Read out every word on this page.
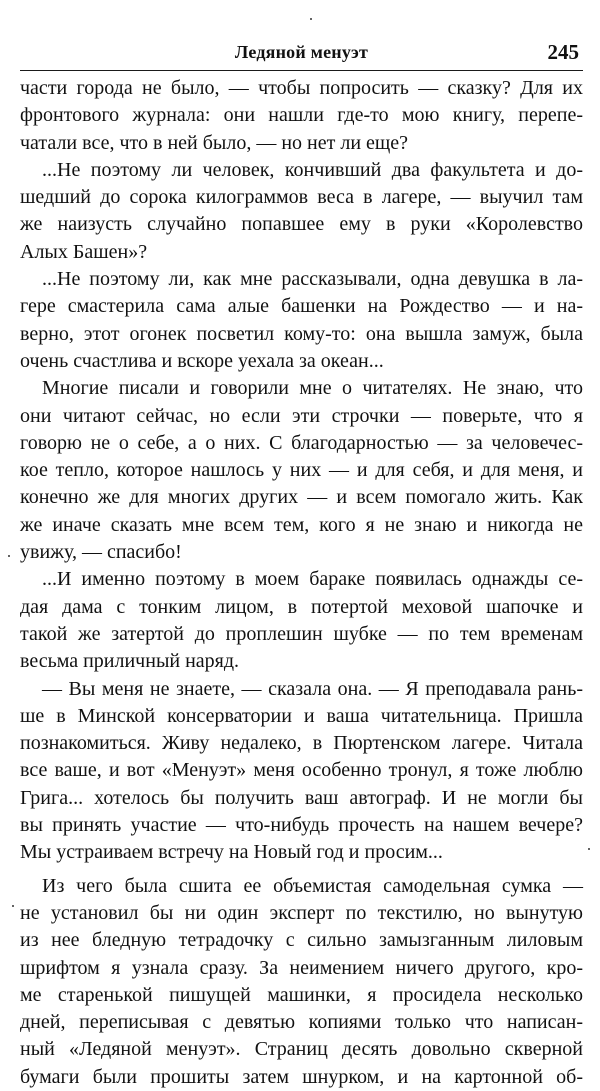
Ледяной менуэт	245

части города не было, — чтобы попросить — сказку? Для их
фронтового журнала: они нашли где-то мою книгу, перепе-
чатали все, что в ней было, — но нет ли еще?

...Не поэтому ли человек, кончивший два факультета и до-
шедший до сорока килограммов веса в лагере, — выучил там
же наизусть случайно попавшее ему в руки «Королевство
Алых Башен»?

...Не поэтому ли, как мне рассказывали, одна девушка в ла-
гере смастерила сама алые башенки на Рождество — и на-
верно, этот огонек посветил кому-то: она вышла замуж, была
очень счастлива и вскоре уехала за океан...

Многие писали и говорили мне о читателях. Не знаю, что
они читают сейчас, но если эти строчки — поверьте, что я
говорю не о себе, а о них. С благодарностью — за человечес-
кое тепло, которое нашлось у них — и для себя, и для меня, и
конечно же для многих других — и всем помогало жить. Как
же иначе сказать мне всем тем, кого я не знаю и никогда не
увижу, — спасибо!

...И именно поэтому в моем бараке появилась однажды се-
дая дама с тонким лицом, в потертой меховой шапочке и
такой же затертой до проплешин шубке — по тем временам
весьма приличный наряд.

— Вы меня не знаете, — сказала она. — Я преподавала рань-
ше в Минской консерватории и ваша читательница. Пришла
познакомиться. Живу недалеко, в Пюртенском лагере. Читала
все ваше, и вот «Менуэт» меня особенно тронул, я тоже люблю
Грига... хотелось бы получить ваш автограф. И не могли бы
вы принять участие — что-нибудь прочесть на нашем вечере?
Мы устраиваем встречу на Новый год и просим...

Из чего была сшита ее объемистая самодельная сумка —
не установил бы ни один эксперт по текстилю, но вынутую
из нее бледную тетрадочку с сильно замызганным лиловым
шрифтом я узнала сразу. За неимением ничего другого, кро-
ме старенькой пишущей машинки, я просидела несколько
дней, переписывая с девятью копиями только что написан-
ный «Ледяной менуэт». Страниц десять довольно скверной
бумаги были прошиты затем шнурком, и на картонной об-
